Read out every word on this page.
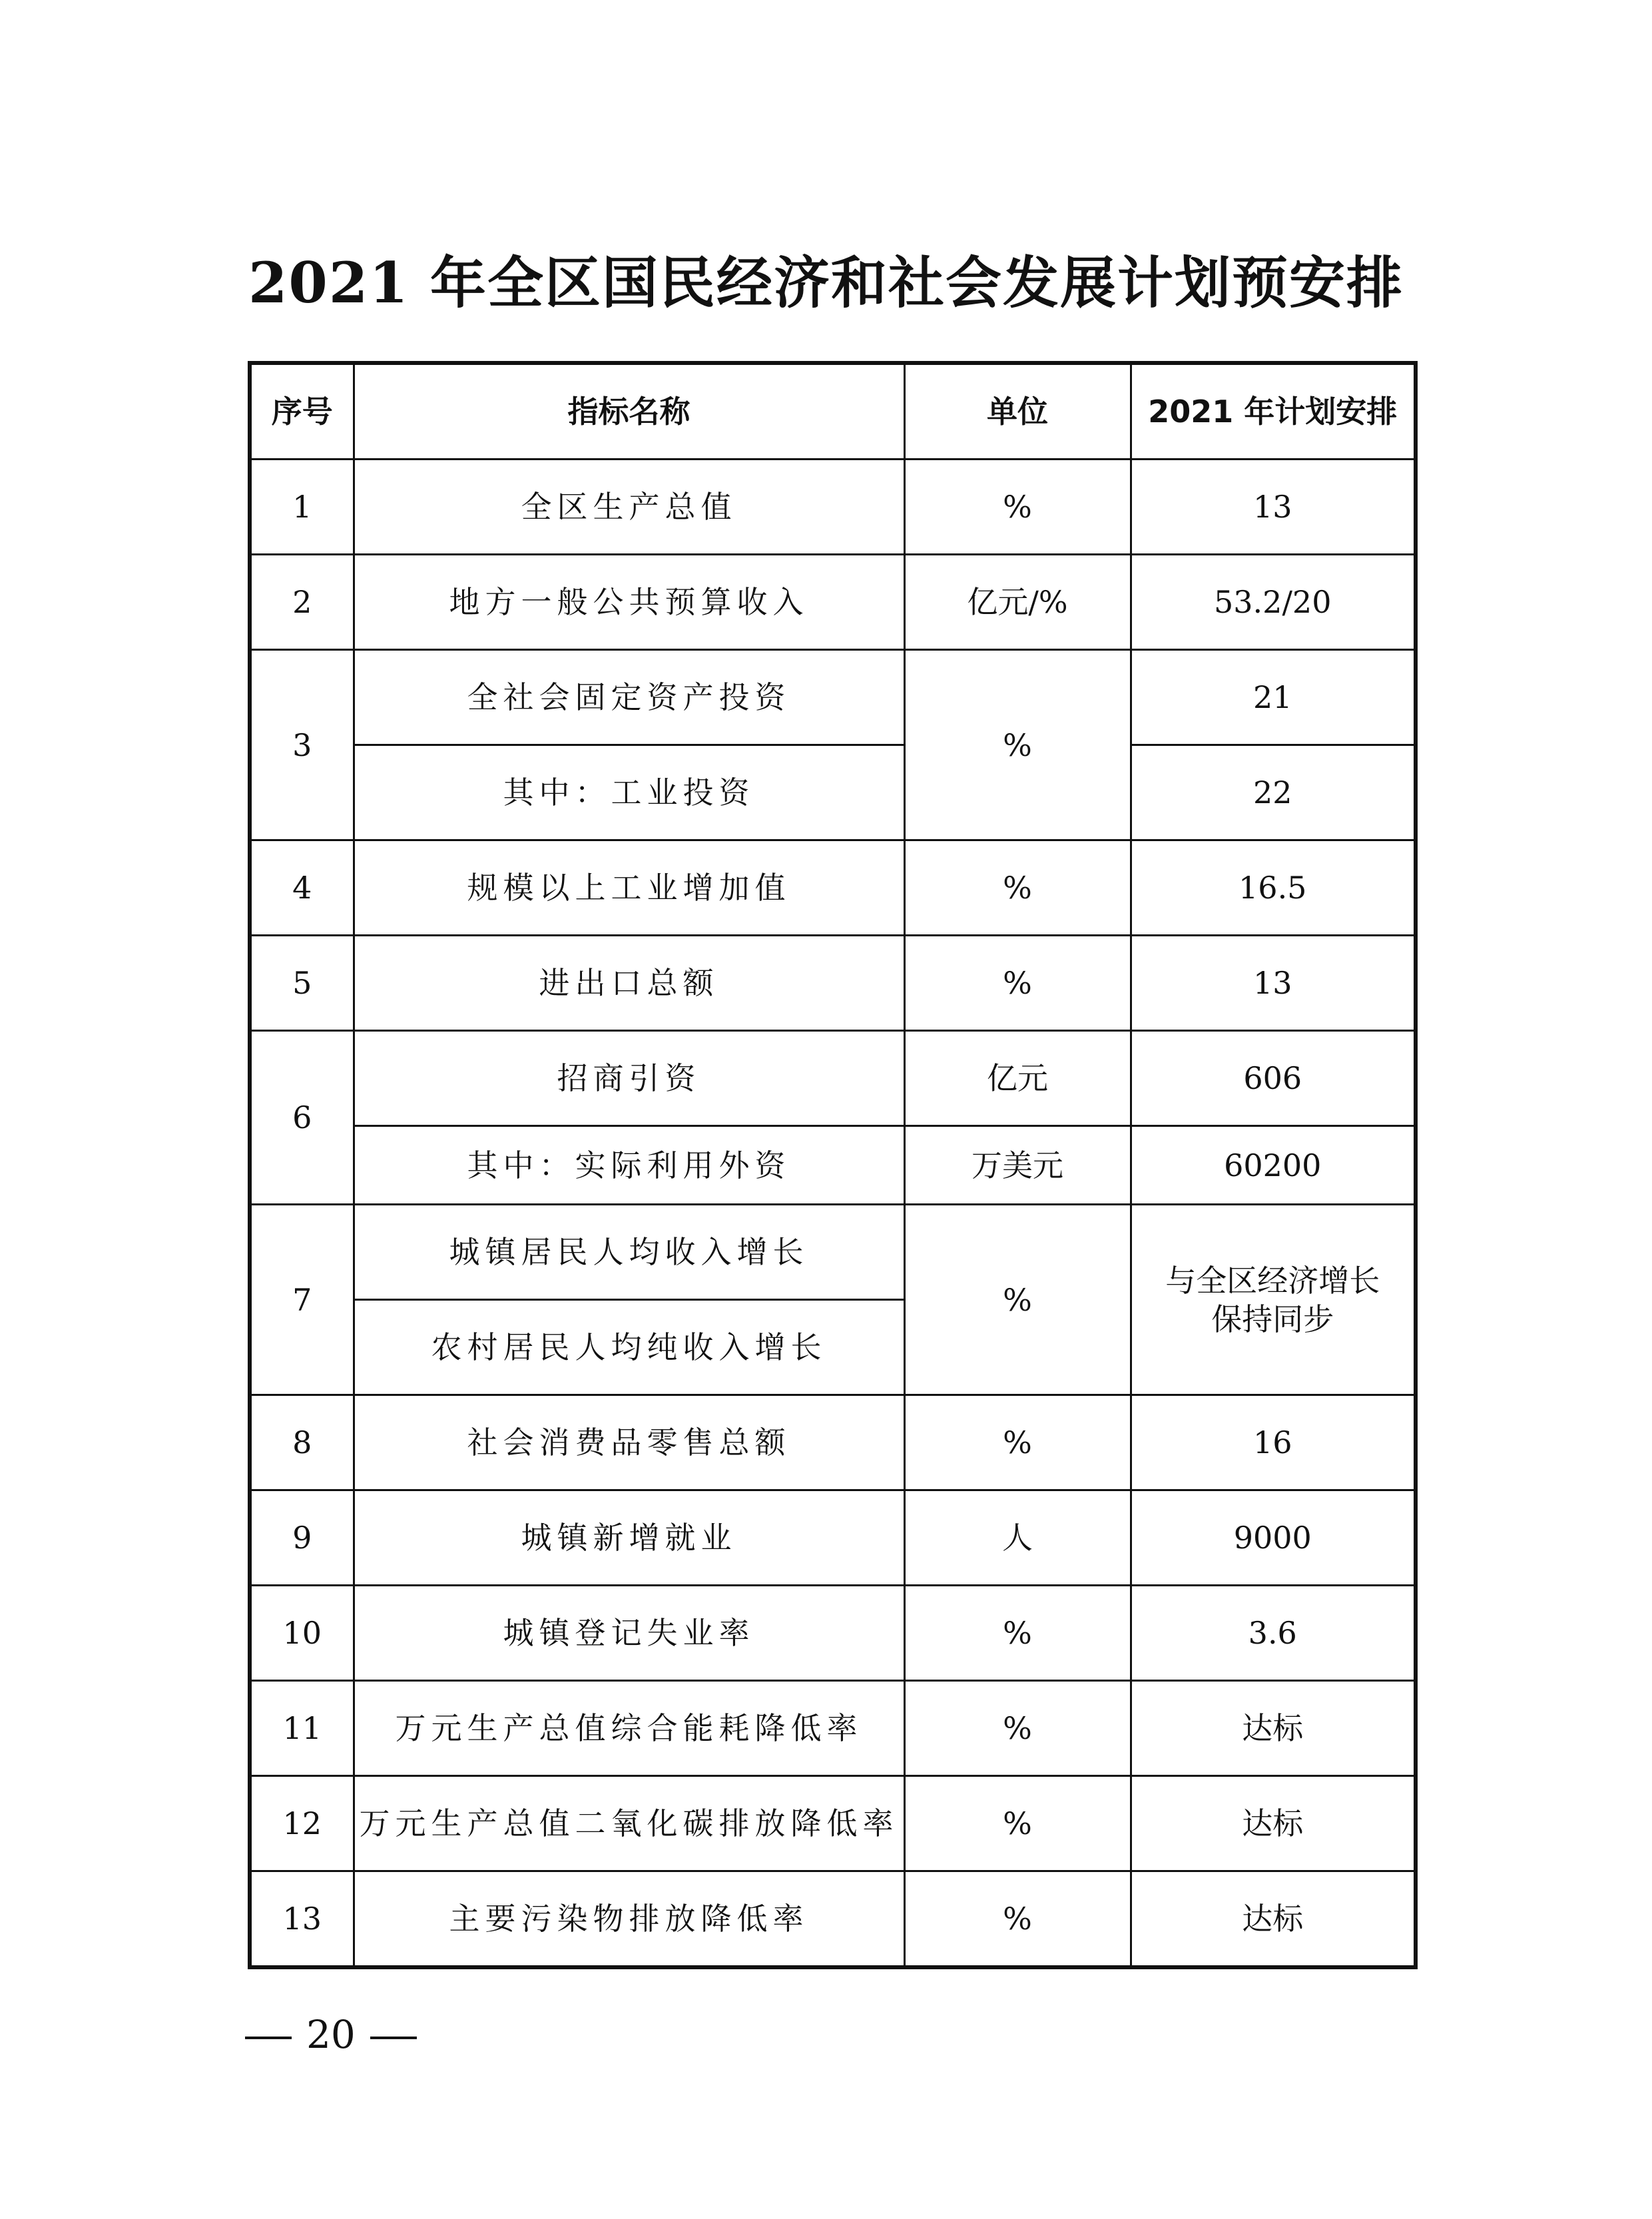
2021 年全区国民经济和社会发展计划预安排
序号	指标名称	单位	2021 年计划安排
1	全区生产总值	%	13
2	地方一般公共预算收入	亿元/%	53.2/20
3	全社会固定资产投资	%	21
	其中：工业投资		22
4	规模以上工业增加值	%	16.5
5	进出口总额	%	13
6	招商引资	亿元	606
	其中：实际利用外资	万美元	60200
7	城镇居民人均收入增长	%	与全区经济增长
保持同步
	农村居民人均纯收入增长		
8	社会消费品零售总额	%	16
9	城镇新增就业	人	9000
10	城镇登记失业率	%	3.6
11	万元生产总值综合能耗降低率	%	达标
12	万元生产总值二氧化碳排放降低率	%	达标
13	主要污染物排放降低率	%	达标
20
